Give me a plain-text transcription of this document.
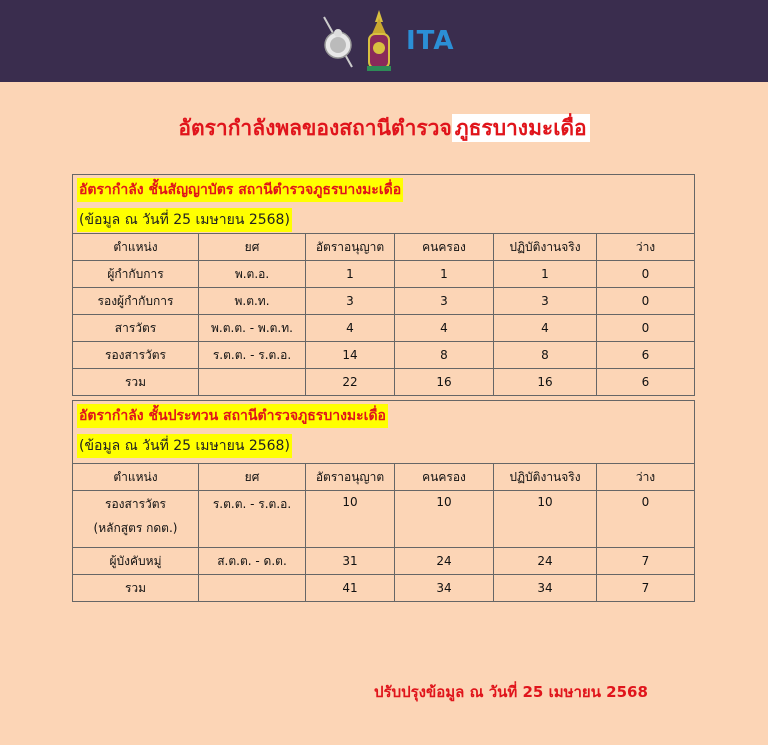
ITA
อัตรากำลังพลของสถานีตำรวจ ภูธรบางมะเดื่อ
อัตรากำลัง ชั้นสัญญาบัตร สถานีตำรวจภูธรบางมะเดื่อ
(ข้อมูล ณ วันที่ 25 เมษายน 2568)
ตำแหน่ง	ยศ	อัตราอนุญาต	คนครอง	ปฏิบัติงานจริง	ว่าง
ผู้กำกับการ	พ.ต.อ.	1	1	1	0
รองผู้กำกับการ	พ.ต.ท.	3	3	3	0
สารวัตร	พ.ต.ต. - พ.ต.ท.	4	4	4	0
รองสารวัตร	ร.ต.ต. - ร.ต.อ.	14	8	8	6
รวม		22	16	16	6
อัตรากำลัง ชั้นประทวน สถานีตำรวจภูธรบางมะเดื่อ
(ข้อมูล ณ วันที่ 25 เมษายน 2568)
ตำแหน่ง	ยศ	อัตราอนุญาต	คนครอง	ปฏิบัติงานจริง	ว่าง

รองสารวัตร
(หลักสูตร กดต.)	ร.ต.ต. - ร.ต.อ.	10	10	10	0
ผู้บังคับหมู่	ส.ต.ต. - ด.ต.	31	24	24	7
รวม		41	34	34	7
ปรับปรุงข้อมูล ณ วันที่ 25 เมษายน 2568
